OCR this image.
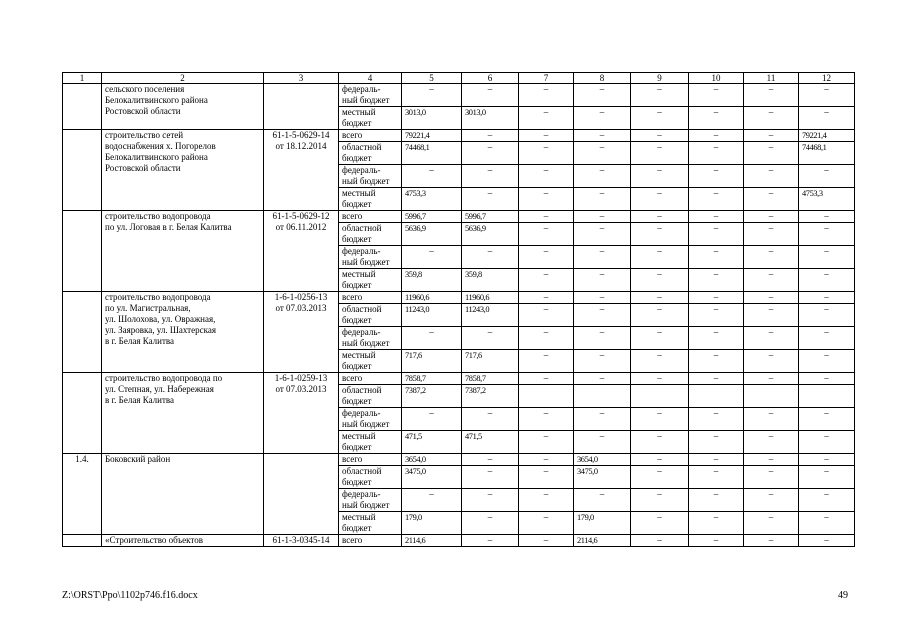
1	2	3	4	5	6	7	8	9	10	11	12
	сельского поселения
Белокалитвинского района
Ростовской области		федераль-
ный бюджет	–	–	–	–	–	–	–	–
			местный
бюджет	3013,0	3013,0	–	–	–	–	–	–
	строительство сетей
водоснабжения х. Погорелов
Белокалитвинского района
Ростовской области	61-1-5-0629-14
от 18.12.2014	всего	79221,4	–	–	–	–	–	–	79221,4
			областной
бюджет	74468,1	–	–	–	–	–	–	74468,1
			федераль-
ный бюджет	–	–	–	–	–	–	–	–
			местный
бюджет	4753,3	–	–	–	–	–	–	4753,3
	строительство водопровода
по ул. Логовая в г. Белая Калитва	61-1-5-0629-12
от 06.11.2012	всего	5996,7	5996,7	–	–	–	–	–	–
			областной
бюджет	5636,9	5636,9	–	–	–	–	–	–
			федераль-
ный бюджет	–	–	–	–	–	–	–	–
			местный
бюджет	359,8	359,8	–	–	–	–	–	–
	строительство водопровода
по ул. Магистральная,
ул. Шолохова, ул. Овражная,
ул. Заяровка, ул. Шахтерская
в г. Белая Калитва	1-6-1-0256-13
от 07.03.2013	всего	11960,6	11960,6	–	–	–	–	–	–
			областной
бюджет	11243,0	11243,0	–	–	–	–	–	–
			федераль-
ный бюджет	–	–	–	–	–	–	–	–
			местный
бюджет	717,6	717,6	–	–	–	–	–	–
	строительство водопровода по
ул. Степная, ул. Набережная
в г. Белая Калитва	1-6-1-0259-13
от 07.03.2013	всего	7858,7	7858,7	–	–	–	–	–	–
			областной
бюджет	7387,2	7387,2						
			федераль-
ный бюджет	–	–	–	–	–	–	–	–
			местный
бюджет	471,5	471,5	–	–	–	–	–	–
1.4.	Боковский район		всего	3654,0	–	–	3654,0	–	–	–	–
			областной
бюджет	3475,0	–	–	3475,0	–	–	–	–
			федераль-
ный бюджет	–	–	–	–	–	–	–	–
			местный
бюджет	179,0	–	–	179,0	–	–	–	–
	«Строительство объектов	61-1-3-0345-14	всего	2114,6	–	–	2114,6	–	–	–	–
Z:\ORST\Ppo\1102p746.f16.docx	49
